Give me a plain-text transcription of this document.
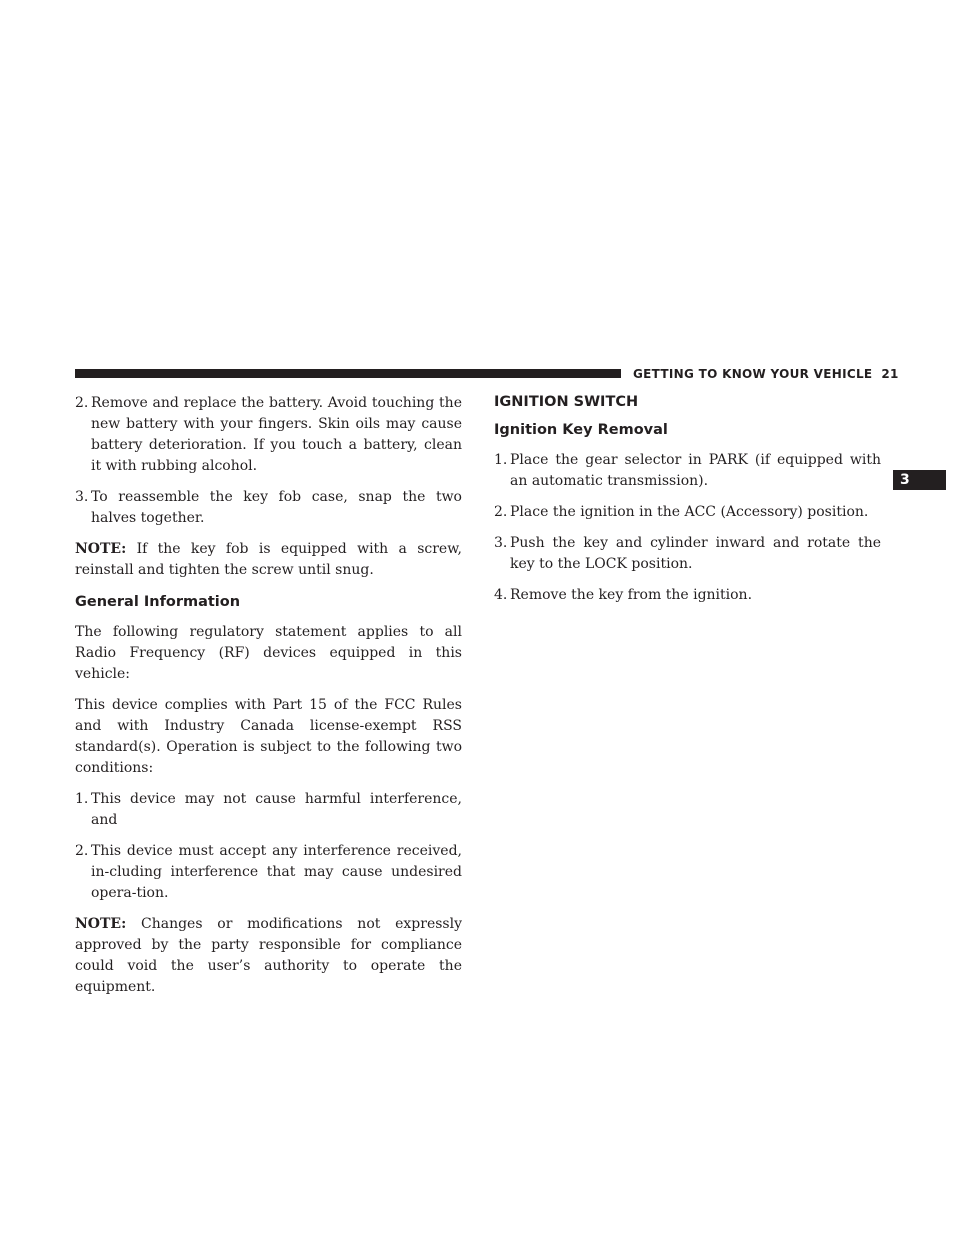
GETTING TO KNOW YOUR VEHICLE 21
3
2. Remove and replace the battery. Avoid touching the new battery with your fingers. Skin oils may cause battery deterioration. If you touch a battery, clean it with rubbing alcohol.
3. To reassemble the key fob case, snap the two halves together.

NOTE: If the key fob is equipped with a screw, reinstall and tighten the screw until snug.

General Information

The following regulatory statement applies to all Radio Frequency (RF) devices equipped in this vehicle:

This device complies with Part 15 of the FCC Rules and with Industry Canada license-exempt RSS standard(s). Operation is subject to the following two conditions:

1. This device may not cause harmful interference, and
2. This device must accept any interference received, in-cluding interference that may cause undesired opera-tion.

NOTE: Changes or modifications not expressly approved by the party responsible for compliance could void the user’s authority to operate the equipment.

IGNITION SWITCH
Ignition Key Removal
1. Place the gear selector in PARK (if equipped with an automatic transmission).
2. Place the ignition in the ACC (Accessory) position.
3. Push the key and cylinder inward and rotate the key to the LOCK position.
4. Remove the key from the ignition.
